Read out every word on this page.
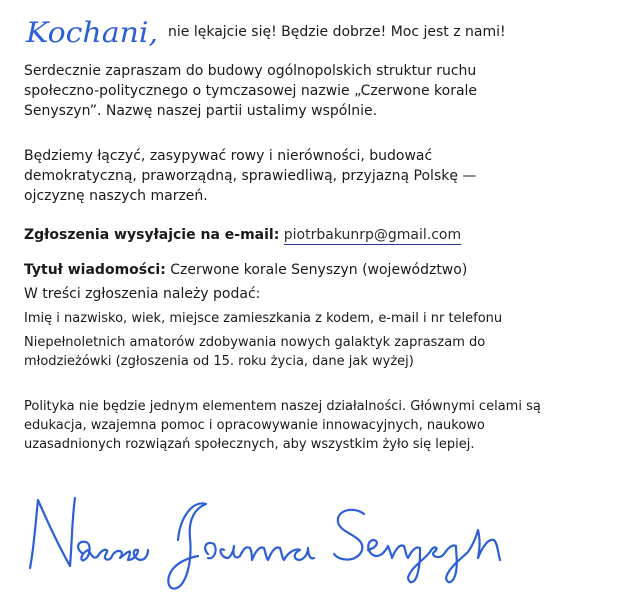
Kochani, nie lękajcie się! Będzie dobrze! Moc jest z nami!
Serdecznie zapraszam do budowy ogólnopolskich struktur ruchu
społeczno-politycznego o tymczasowej nazwie „Czerwone korale
Senyszyn”. Nazwę naszej partii ustalimy wspólnie.
Będziemy łączyć, zasypywać rowy i nierówności, budować
demokratyczną, praworządną, sprawiedliwą, przyjazną Polskę —
ojczyznę naszych marzeń.
Zgłoszenia wysyłajcie na e-mail: piotrbakunrp@gmail.com
Tytuł wiadomości: Czerwone korale Senyszyn (województwo)
W treści zgłoszenia należy podać:
Imię i nazwisko, wiek, miejsce zamieszkania z kodem, e-mail i nr telefonu
Niepełnoletnich amatorów zdobywania nowych galaktyk zapraszam do
młodzieżówki (zgłoszenia od 15. roku życia, dane jak wyżej)
Polityka nie będzie jednym elementem naszej działalności. Głównymi celami są
edukacja, wzajemna pomoc i opracowywanie innowacyjnych, naukowo
uzasadnionych rozwiązań społecznych, aby wszystkim żyło się lepiej.
